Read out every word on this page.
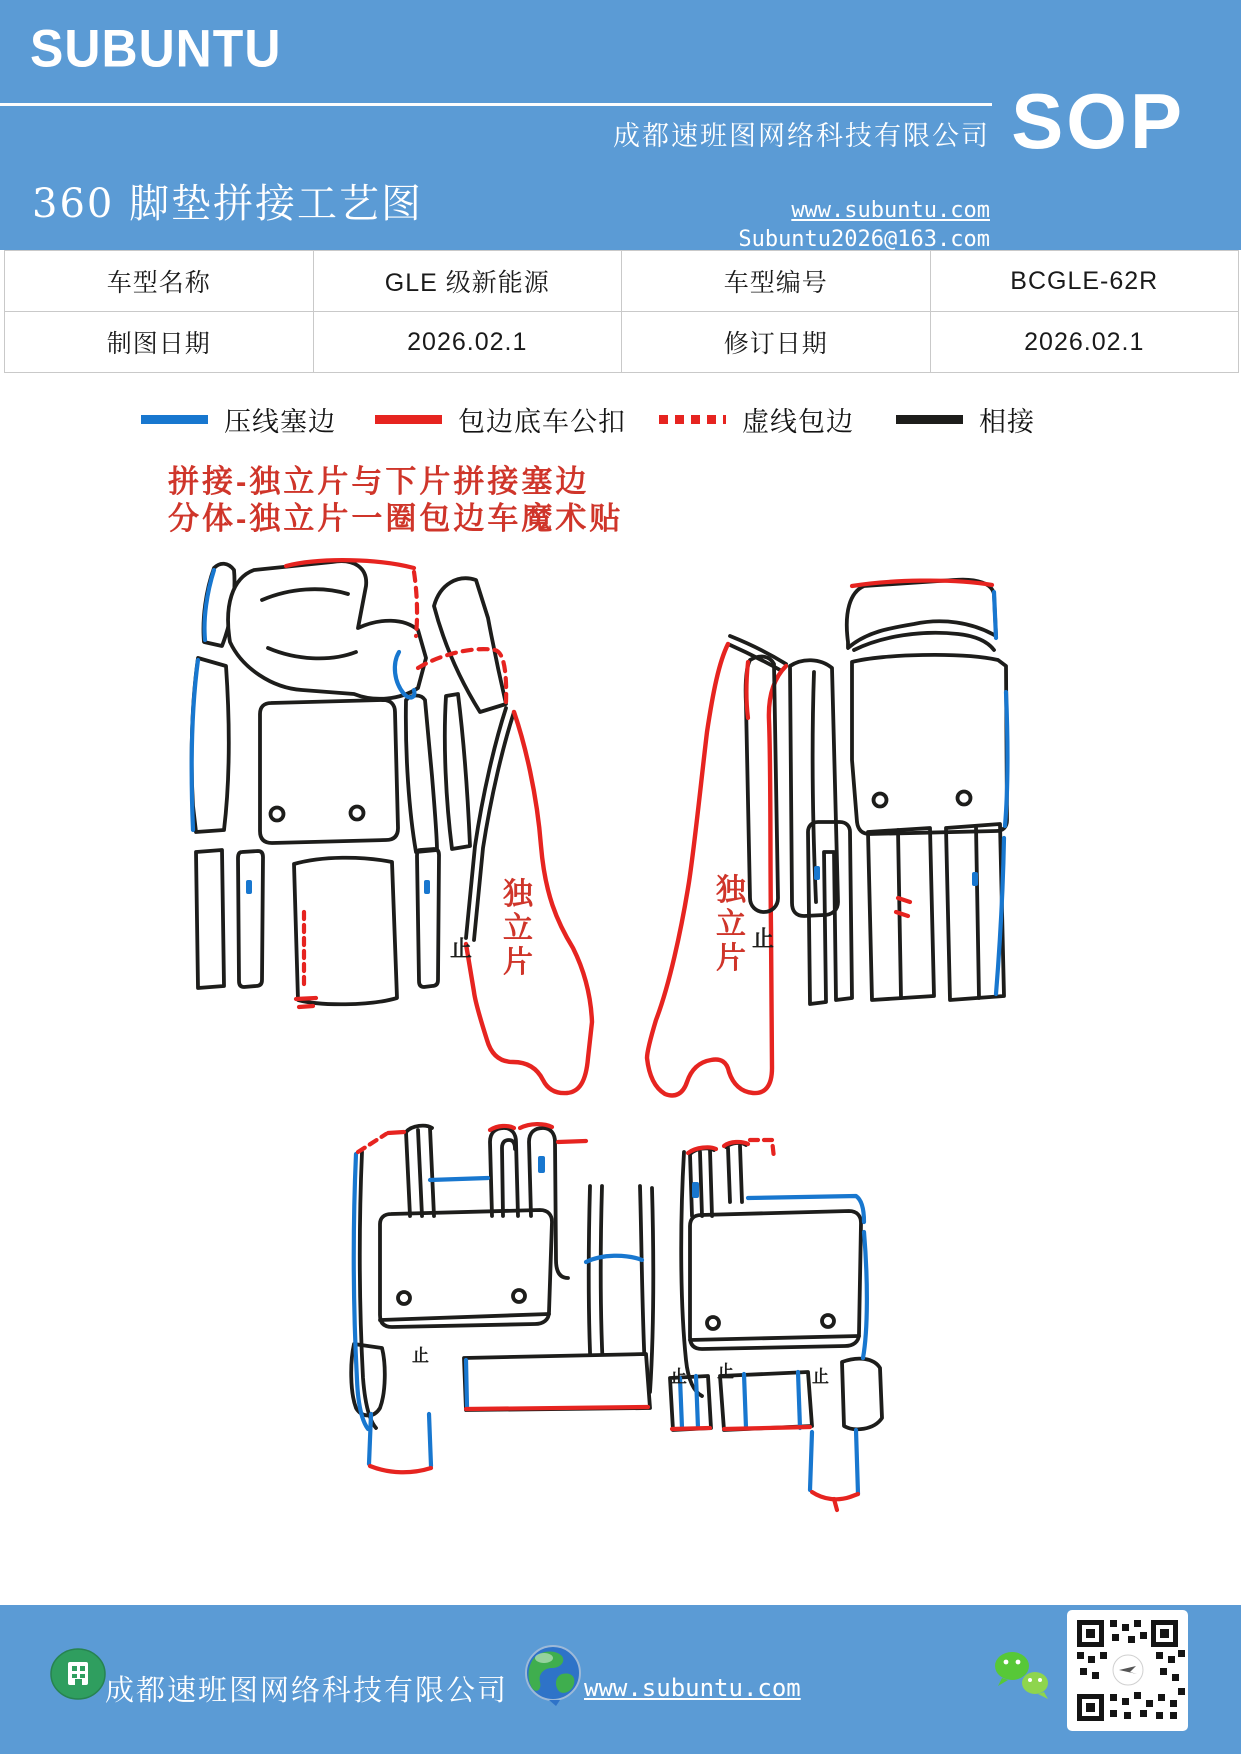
SUBUNTU
360 脚垫拼接工艺图
成都速班图网络科技有限公司
www.subuntu.com
Subuntu2026@163.com
SOP
车型名称	GLE 级新能源	车型编号	BCGLE-62R
制图日期	2026.02.1	修订日期	2026.02.1
压线塞边	包边底车公扣	虚线包边	相接
拼接-独立片与下片拼接塞边
分体-独立片一圈包边车魔术贴
独立片
独立片
止	止
止
止 止	止
成都速班图网络科技有限公司	www.subuntu.com
